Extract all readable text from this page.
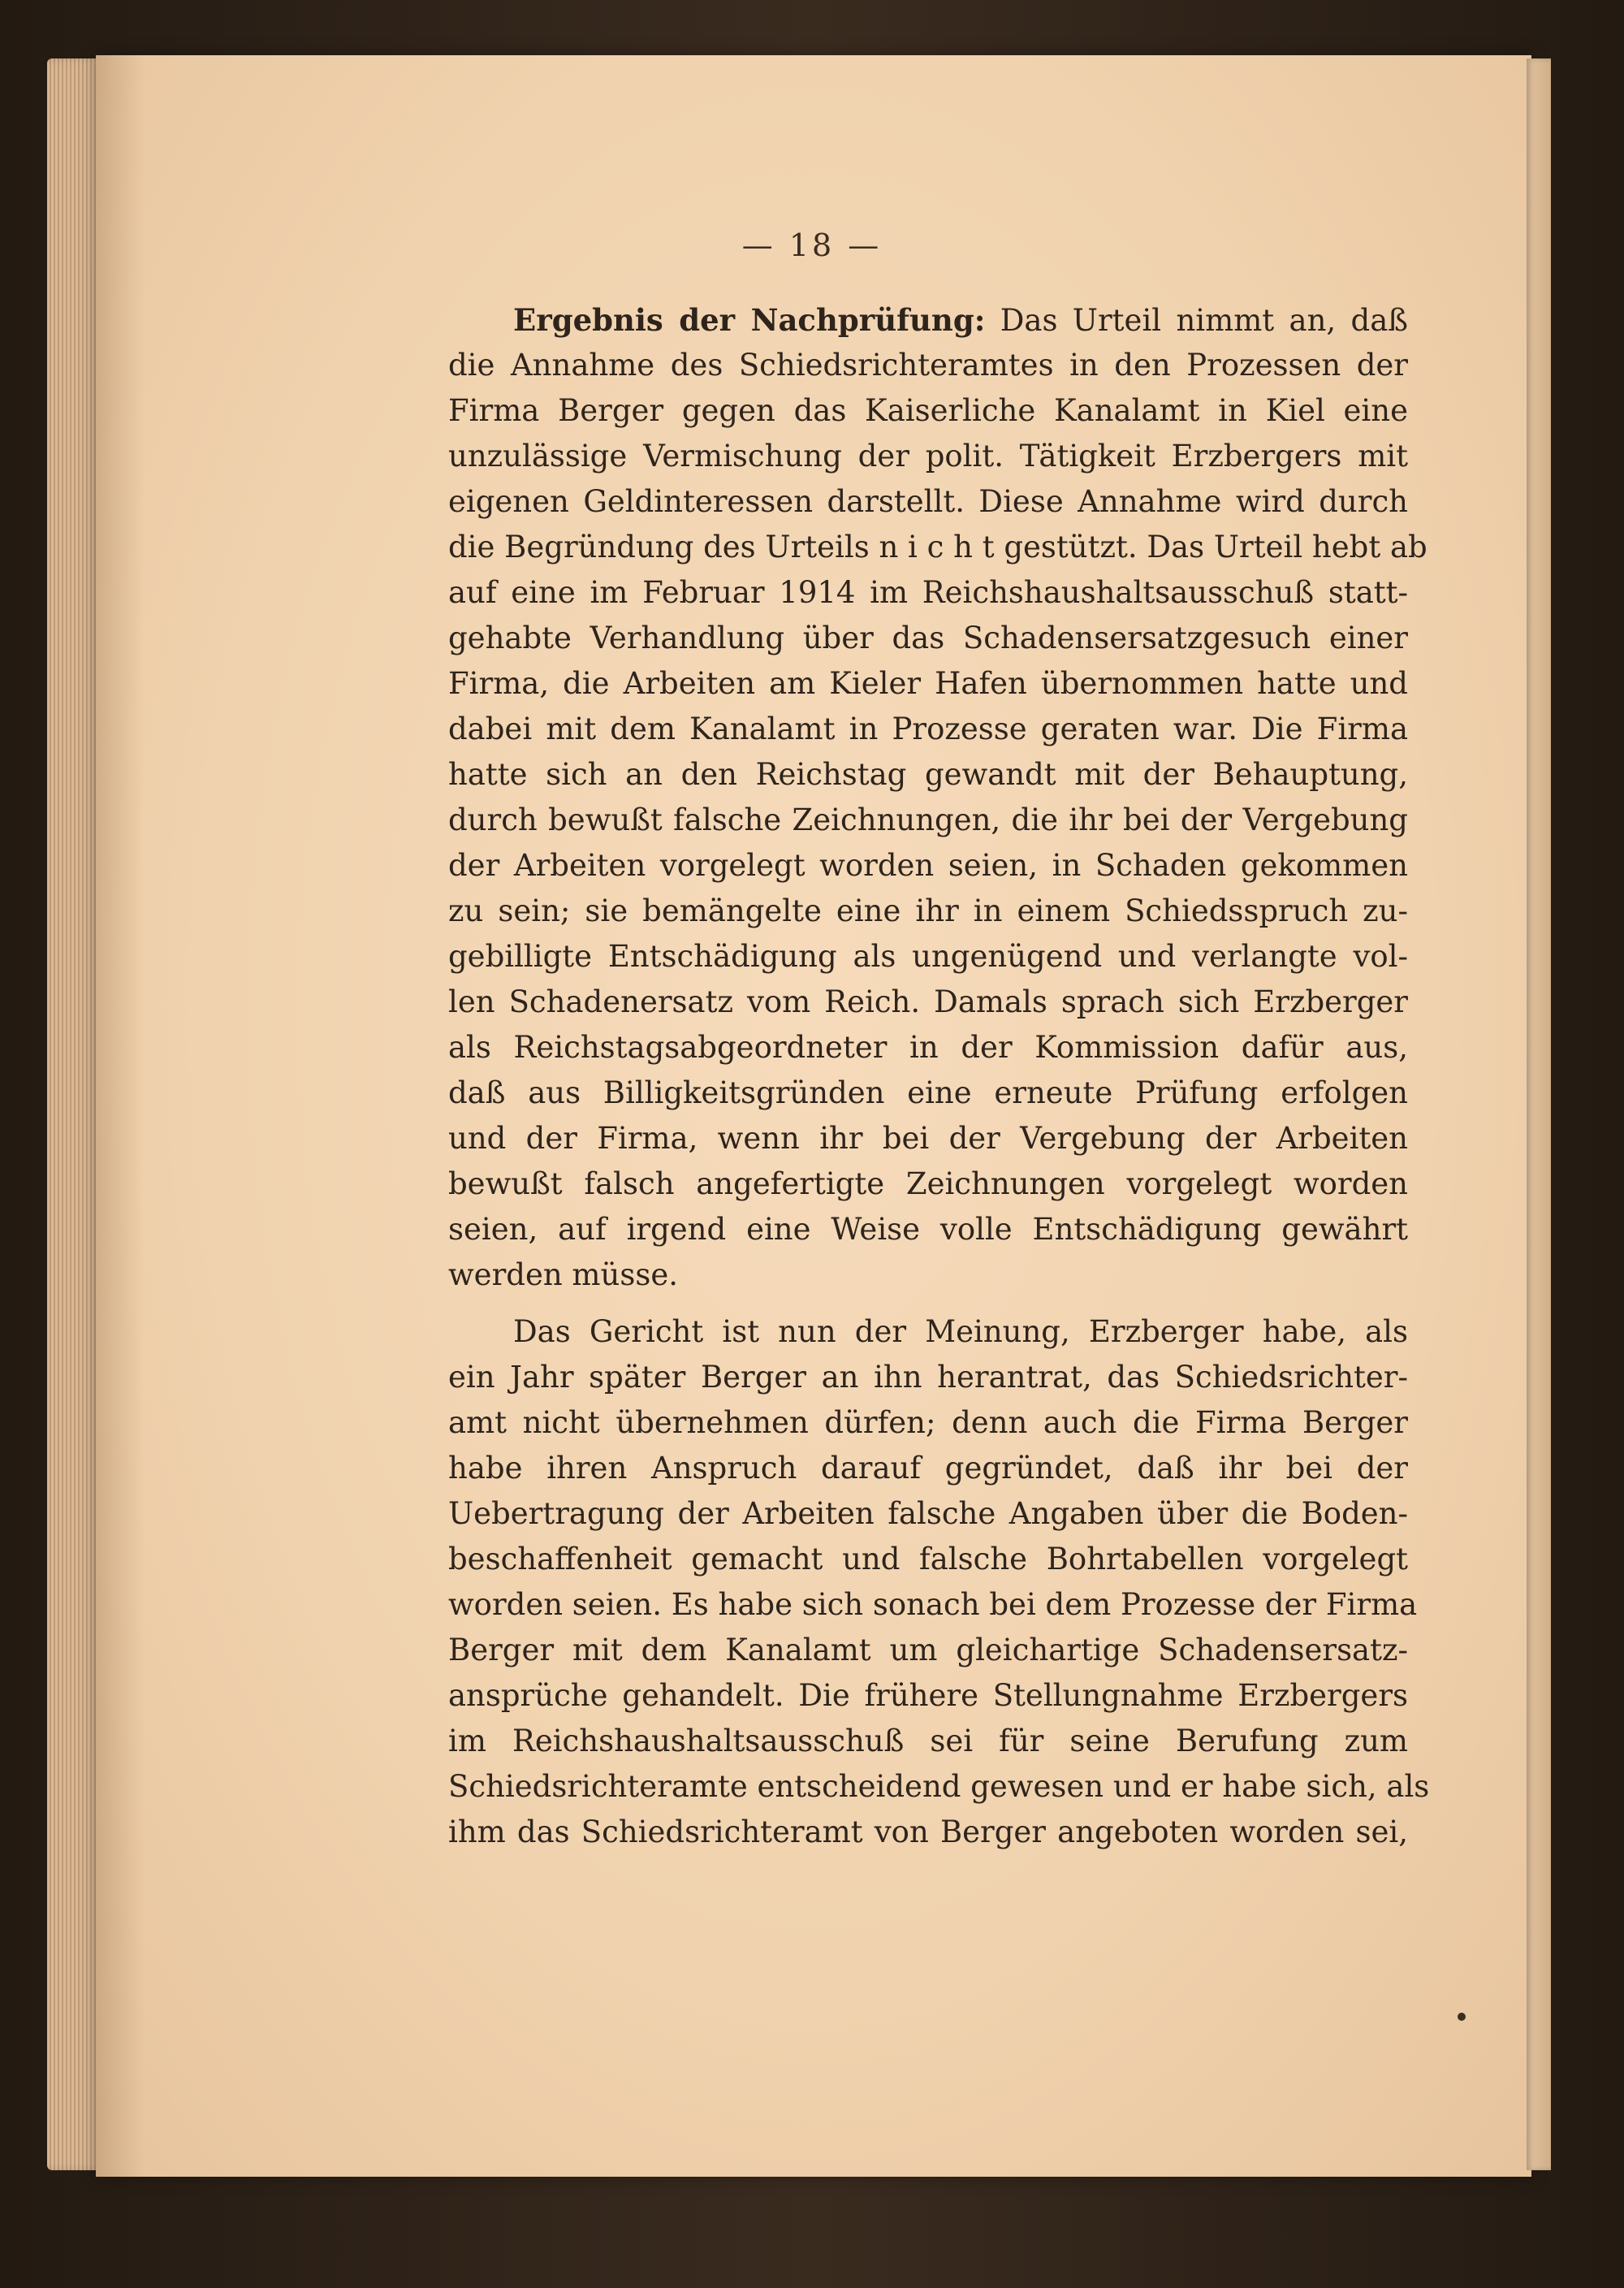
— 18 —
Ergebnis der Nachprüfung: Das Urteil nimmt an, daß
die Annahme des Schiedsrichteramtes in den Prozessen der
Firma Berger gegen das Kaiserliche Kanalamt in Kiel eine
unzulässige Vermischung der polit. Tätigkeit Erzbergers mit
eigenen Geldinteressen darstellt. Diese Annahme wird durch
die Begründung des Urteils n i c h t gestützt. Das Urteil hebt ab
auf eine im Februar 1914 im Reichshaushaltsausschuß statt-
gehabte Verhandlung über das Schadensersatzgesuch einer
Firma, die Arbeiten am Kieler Hafen übernommen hatte und
dabei mit dem Kanalamt in Prozesse geraten war. Die Firma
hatte sich an den Reichstag gewandt mit der Behauptung,
durch bewußt falsche Zeichnungen, die ihr bei der Vergebung
der Arbeiten vorgelegt worden seien, in Schaden gekommen
zu sein; sie bemängelte eine ihr in einem Schiedsspruch zu-
gebilligte Entschädigung als ungenügend und verlangte vol-
len Schadenersatz vom Reich. Damals sprach sich Erzberger
als Reichstagsabgeordneter in der Kommission dafür aus,
daß aus Billigkeitsgründen eine erneute Prüfung erfolgen
und der Firma, wenn ihr bei der Vergebung der Arbeiten
bewußt falsch angefertigte Zeichnungen vorgelegt worden
seien, auf irgend eine Weise volle Entschädigung gewährt
werden müsse.
Das Gericht ist nun der Meinung, Erzberger habe, als
ein Jahr später Berger an ihn herantrat, das Schiedsrichter-
amt nicht übernehmen dürfen; denn auch die Firma Berger
habe ihren Anspruch darauf gegründet, daß ihr bei der
Uebertragung der Arbeiten falsche Angaben über die Boden-
beschaffenheit gemacht und falsche Bohrtabellen vorgelegt
worden seien. Es habe sich sonach bei dem Prozesse der Firma
Berger mit dem Kanalamt um gleichartige Schadensersatz-
ansprüche gehandelt. Die frühere Stellungnahme Erzbergers
im Reichshaushaltsausschuß sei für seine Berufung zum
Schiedsrichteramte entscheidend gewesen und er habe sich, als
ihm das Schiedsrichteramt von Berger angeboten worden sei,
